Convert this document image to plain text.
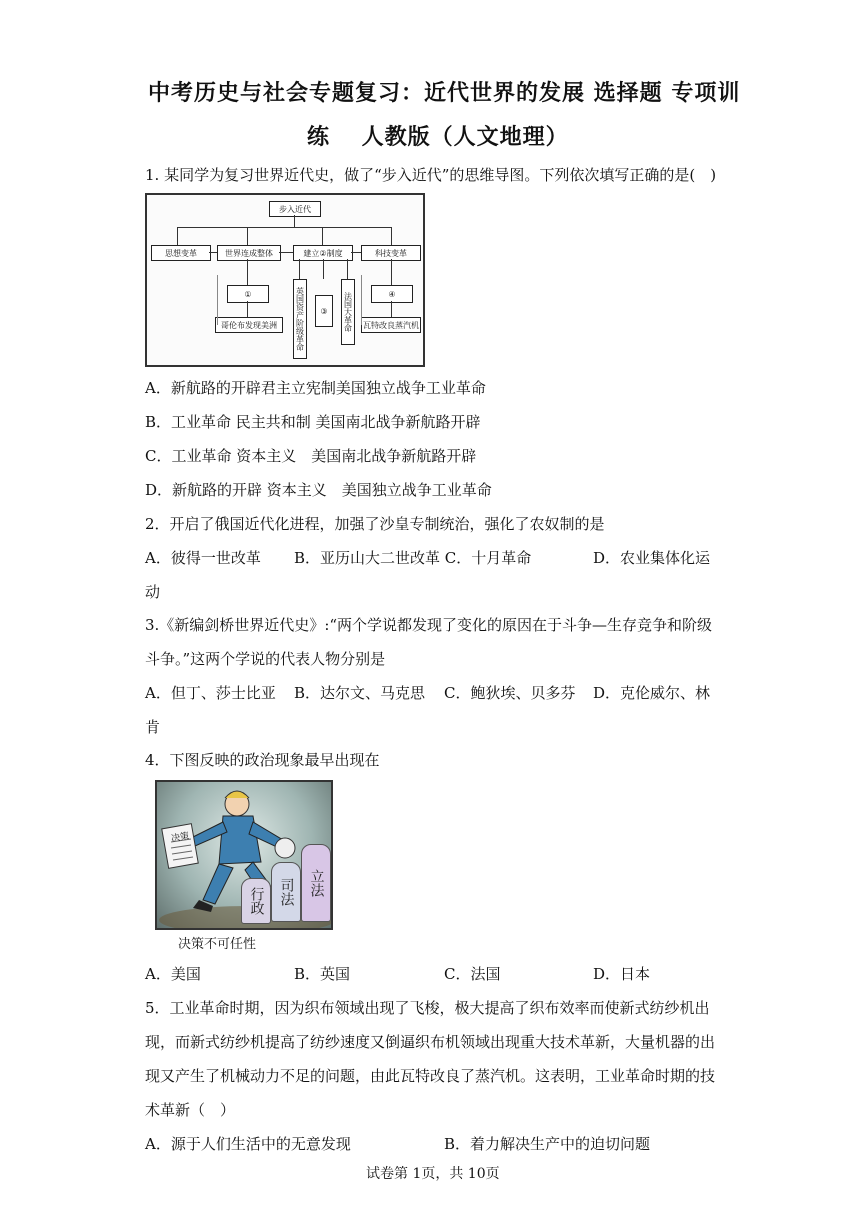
中考历史与社会专题复习：近代世界的发展 选择题 专项训
练　 人教版（人文地理）
1. 某同学为复习世界近代史，做了“步入近代”的思维导图。下列依次填写正确的是(　)
步入近代
思想变革	世界连成整体	建立②制度	科技变革
①
哥伦布发现美洲	英国资产阶级革命	③	法国大革命	④
瓦特改良蒸汽机
A．新航路的开辟君主立宪制美国独立战争工业革命
B．工业革命 民主共和制 美国南北战争新航路开辟
C．工业革命 资本主义　美国南北战争新航路开辟
D．新航路的开辟 资本主义　美国独立战争工业革命
2．开启了俄国近代化进程，加强了沙皇专制统治，强化了农奴制的是
A．彼得一世改革 B．亚历山大二世改革 C．十月革命	D．农业集体化运
动
3.《新编剑桥世界近代史》:“两个学说都发现了变化的原因在于斗争—生存竞争和阶级
斗争。”这两个学说的代表人物分别是
A．但丁、莎士比亚 B．达尔文、马克思 C．鲍狄埃、贝多芬 D．克伦威尔、林
肯
4．下图反映的政治现象最早出现在
决策
行政 司法 立法
决策不可任性
A．美国	B．英国	C．法国	D．日本
5．工业革命时期，因为织布领域出现了飞梭，极大提高了织布效率而使新式纺纱机出
现，而新式纺纱机提高了纺纱速度又倒逼织布机领域出现重大技术革新，大量机器的出
现又产生了机械动力不足的问题，由此瓦特改良了蒸汽机。这表明，工业革命时期的技
术革新（　）
A．源于人们生活中的无意发现	B．着力解决生产中的迫切问题
试卷第 1页，共 10页
